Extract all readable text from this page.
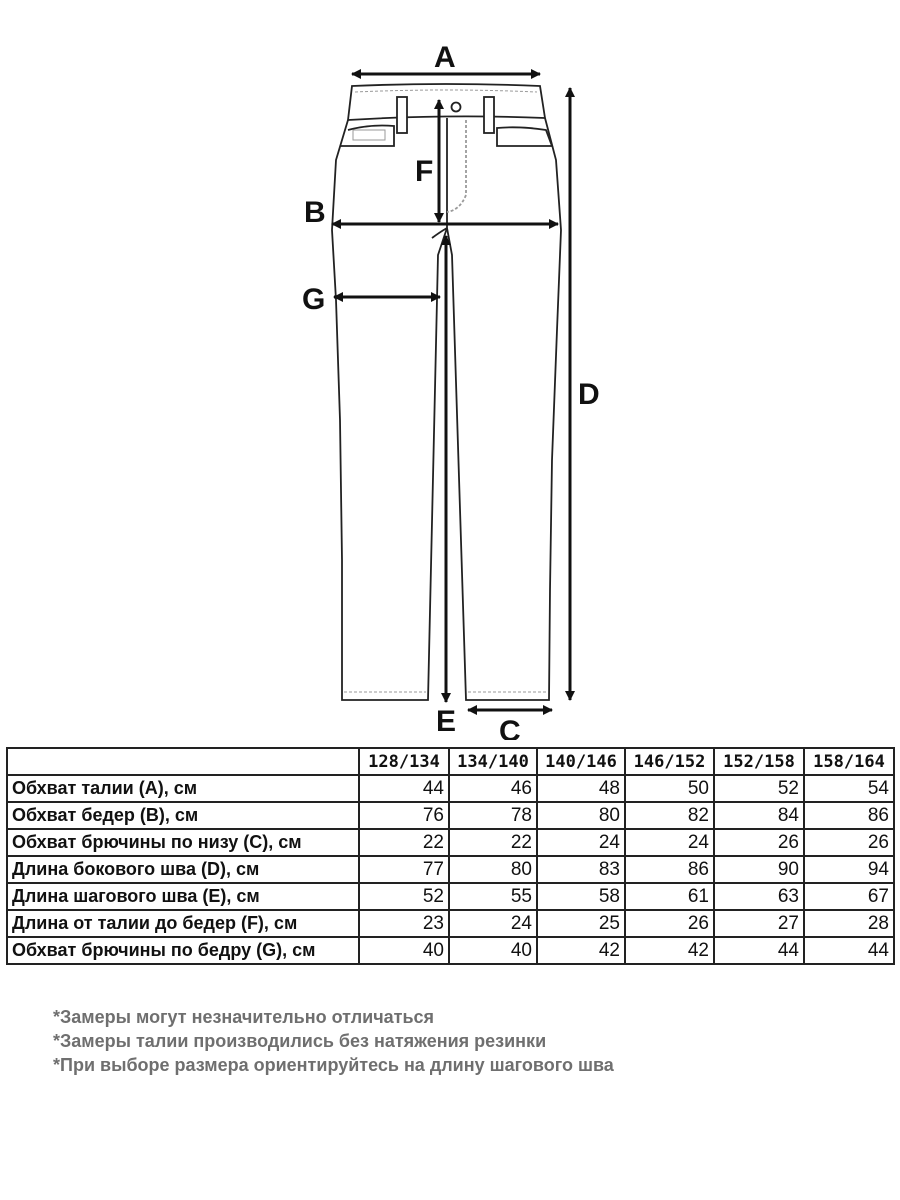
A
B
C
D
E
F
G
	128/134	134/140	140/146	146/152	152/158	158/164
Обхват талии (A), см	44	46	48	50	52	54
Обхват бедер (B), см	76	78	80	82	84	86
Обхват брючины по низу (C), см	22	22	24	24	26	26
Длина бокового шва (D), см	77	80	83	86	90	94
Длина шагового шва (E), см	52	55	58	61	63	67
Длина от талии до бедер (F), см	23	24	25	26	27	28
Обхват брючины по бедру (G), см	40	40	42	42	44	44
*Замеры могут незначительно отличаться
*Замеры талии производились без натяжения резинки
*При выборе размера ориентируйтесь на длину шагового шва
